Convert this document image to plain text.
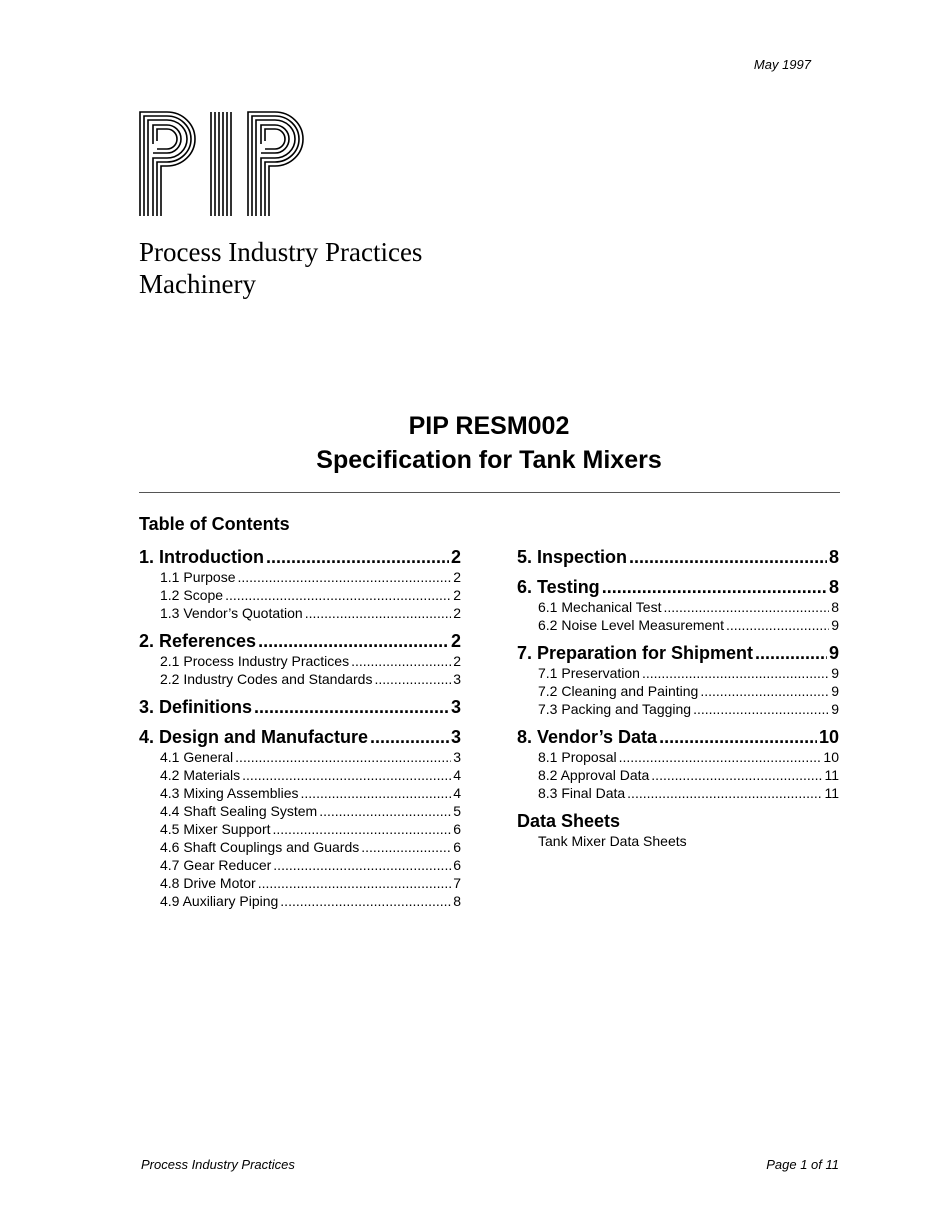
May 1997
Process Industry Practices
Machinery
PIP RESM002
Specification for Tank Mixers
Table of Contents
1. Introduction .....	2
1.1 Purpose .....	2
1.2 Scope .....	2
1.3 Vendor’s Quotation .....	2
2. References .....	2
2.1 Process Industry Practices .....	2
2.2 Industry Codes and Standards .....	3
3. Definitions .....	3
4. Design and Manufacture .....	3
4.1 General .....	3
4.2 Materials .....	4
4.3 Mixing Assemblies .....	4
4.4 Shaft Sealing System .....	5
4.5 Mixer Support .....	6
4.6 Shaft Couplings and Guards .....	6
4.7 Gear Reducer .....	6
4.8 Drive Motor .....	7
4.9 Auxiliary Piping .....	8
5. Inspection .....	8
6. Testing .....	8
6.1 Mechanical Test .....	8
6.2 Noise Level Measurement .....	9
7. Preparation for Shipment .....	9
7.1 Preservation .....	9
7.2 Cleaning and Painting .....	9
7.3 Packing and Tagging .....	9
8. Vendor’s Data .....	10
8.1 Proposal .....	10
8.2 Approval Data .....	11
8.3 Final Data .....	11
Data Sheets
Tank Mixer Data Sheets
Process Industry Practices	Page 1 of 11
